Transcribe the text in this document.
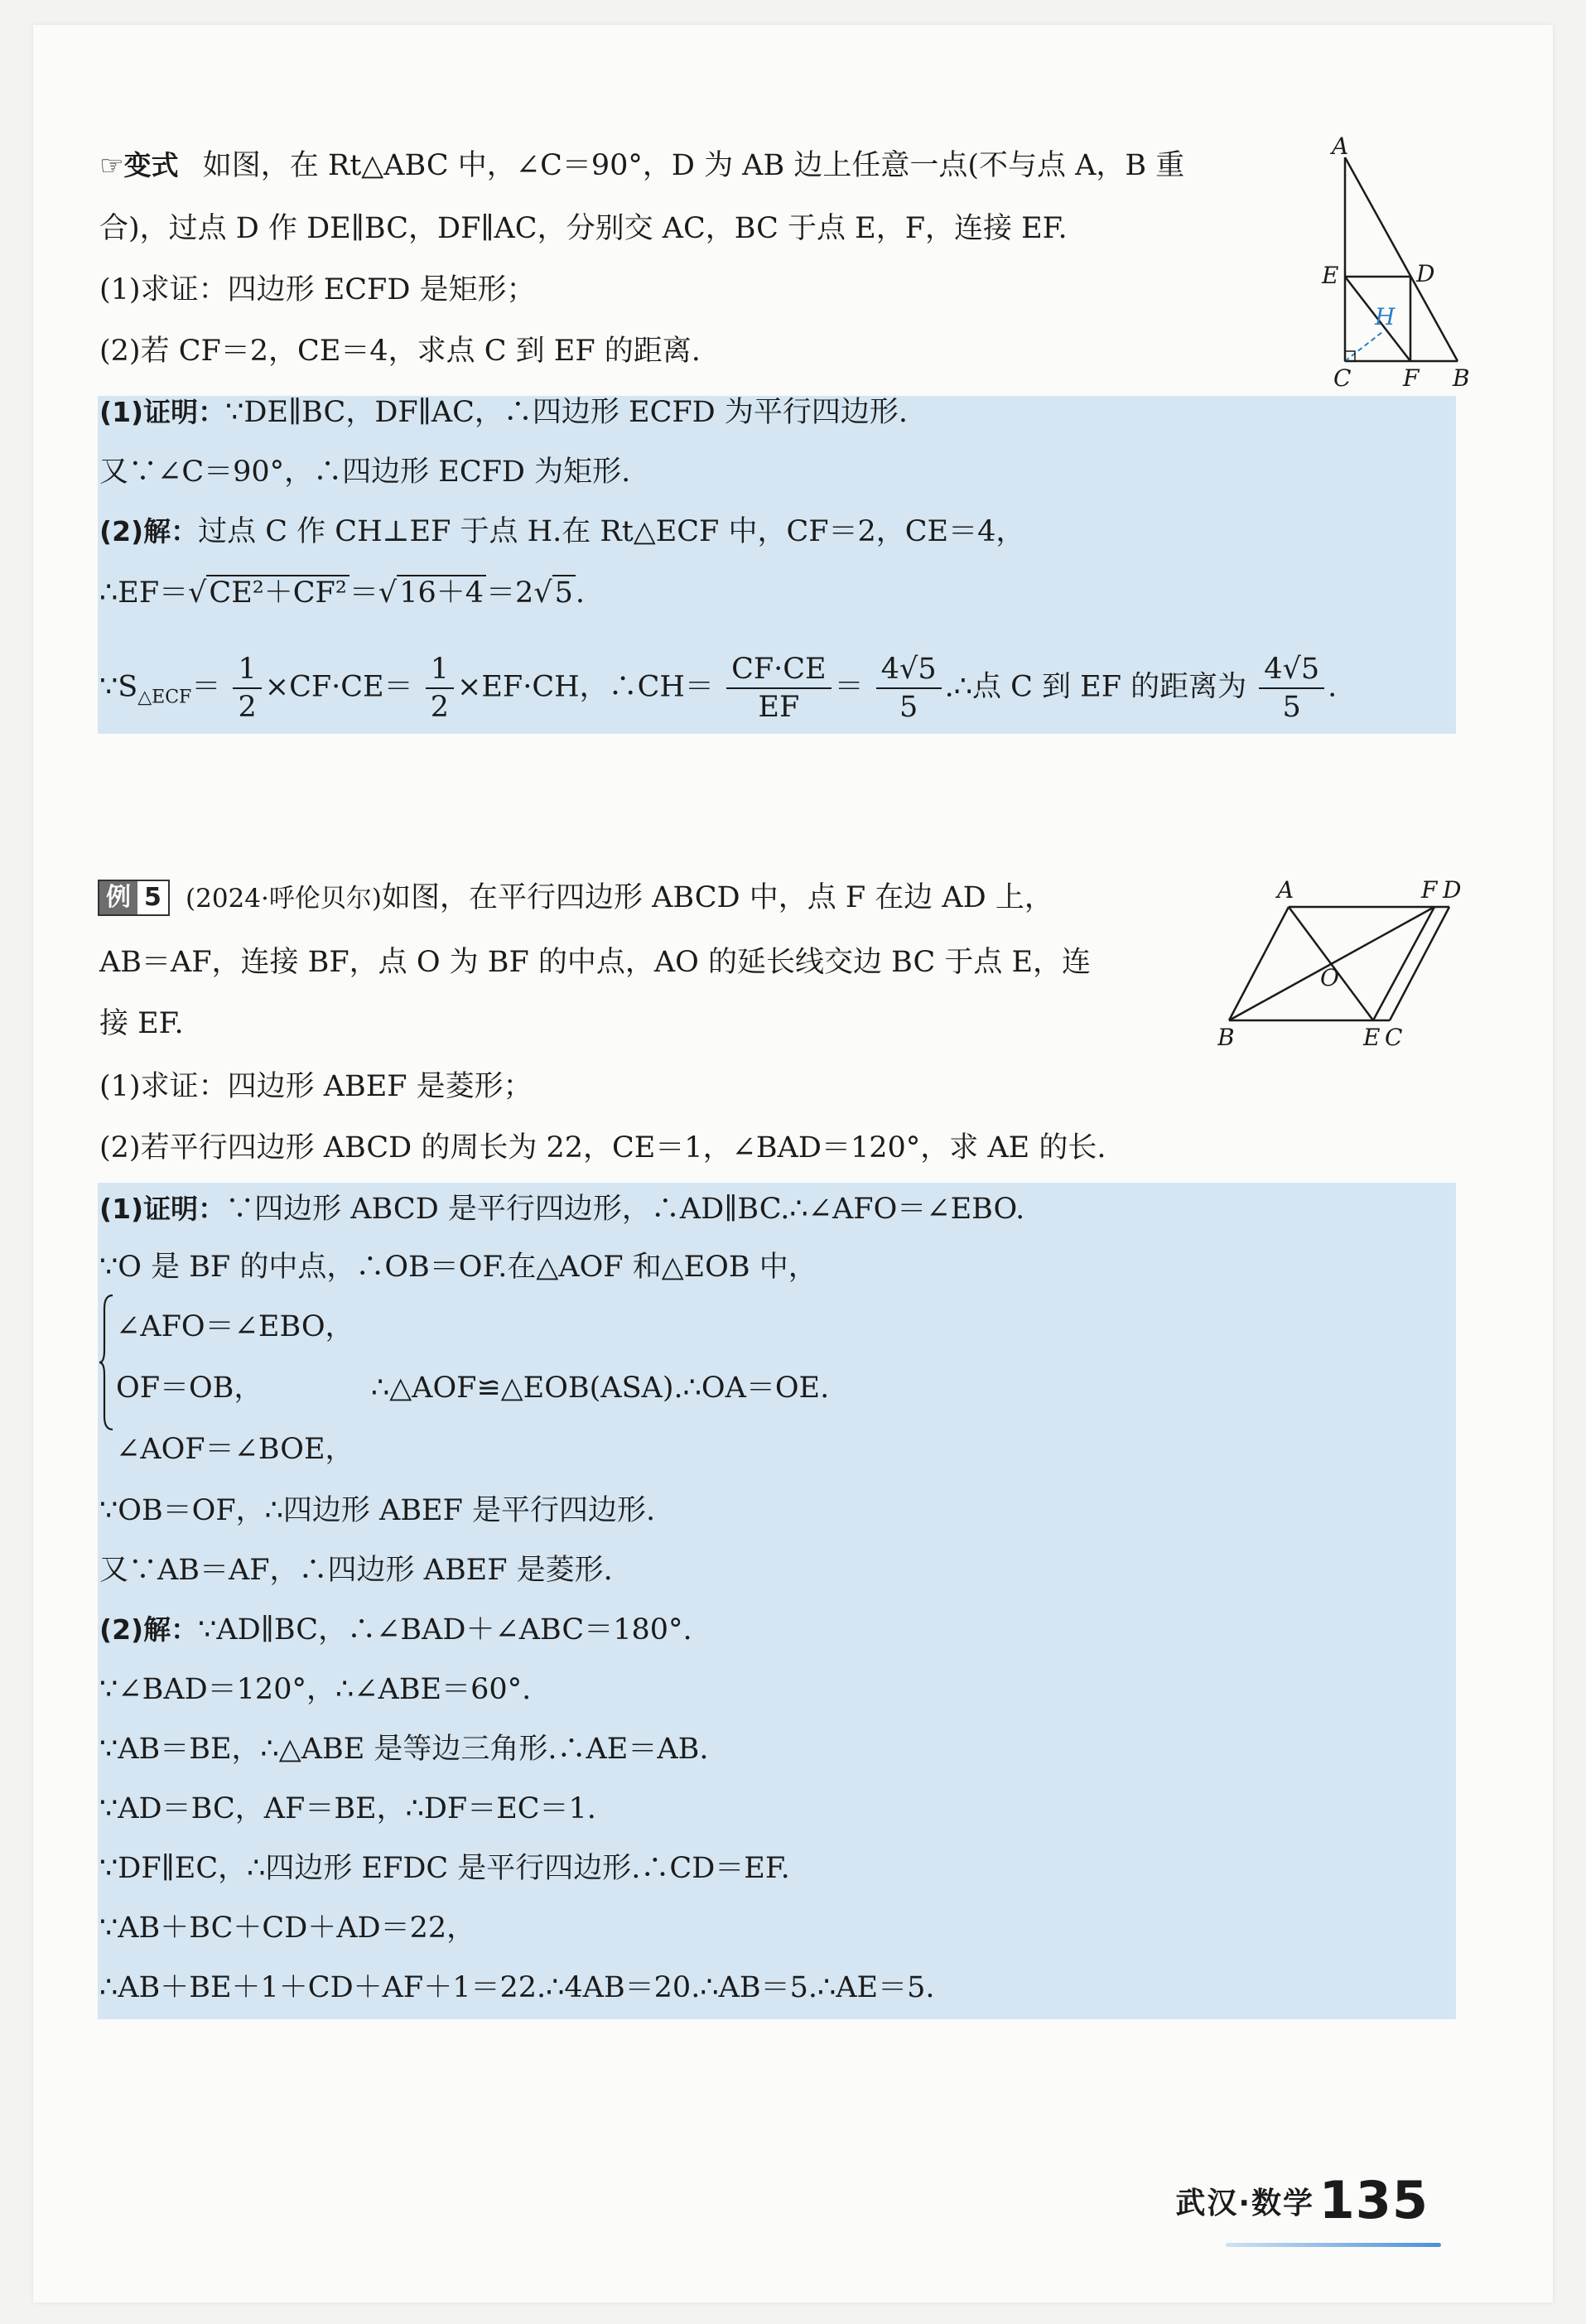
☞变式 如图，在 Rt△ABC 中，∠C＝90°，D 为 AB 边上任意一点(不与点 A，B 重
合)，过点 D 作 DE∥BC，DF∥AC，分别交 AC，BC 于点 E，F，连接 EF.
(1)求证：四边形 ECFD 是矩形；
(2)若 CF＝2，CE＝4，求点 C 到 EF 的距离.
(1)证明：∵DE∥BC，DF∥AC，∴四边形 ECFD 为平行四边形.
又∵∠C＝90°，∴四边形 ECFD 为矩形.
(2)解：过点 C 作 CH⊥EF 于点 H.在 Rt△ECF 中，CF＝2，CE＝4，
∴EF＝√CE²＋CF²＝√16＋4＝2√5.
$\because S_{\triangle ECF}= \frac{1}{2} \times CF\cdot CE= \frac{1}{2} \times EF\cdot CH$，∴CH＝ $\frac{CF\cdot CE}{EF} = \frac{4√5}{5}$ .∴点 C 到 EF 的距离为 $\frac{4√5}{5}$ .
A
E	D
H
C F B
例 5 (2024·呼伦贝尔)如图，在平行四边形 ABCD 中，点 F 在边 AD 上，
AB＝AF，连接 BF，点 O 为 BF 的中点，AO 的延长线交边 BC 于点 E，连
接 EF.
(1)求证：四边形 ABEF 是菱形；
(2)若平行四边形 ABCD 的周长为 22，CE＝1，∠BAD＝120°，求 AE 的长.
(1)证明：∵四边形 ABCD 是平行四边形，∴AD∥BC.∴∠AFO＝∠EBO.
∵O 是 BF 的中点，∴OB＝OF.在△AOF 和△EOB 中，
∠AFO＝∠EBO，
OF＝OB，
∠AOF＝∠BOE，
∴△AOF≌△EOB(ASA).∴OA＝OE.
∵OB＝OF，∴四边形 ABEF 是平行四边形.
又∵AB＝AF，∴四边形 ABEF 是菱形.
(2)解：∵AD∥BC，∴∠BAD＋∠ABC＝180°.
∵∠BAD＝120°，∴∠ABE＝60°.
∵AB＝BE，∴△ABE 是等边三角形.∴AE＝AB.
∵AD＝BC，AF＝BE，∴DF＝EC＝1.
∵DF∥EC，∴四边形 EFDC 是平行四边形.∴CD＝EF.
∵AB＋BC＋CD＋AD＝22，
∴AB＋BE＋1＋CD＋AF＋1＝22.∴4AB＝20.∴AB＝5.∴AE＝5.
A	F D
O
B	E C
武汉·数学 135
